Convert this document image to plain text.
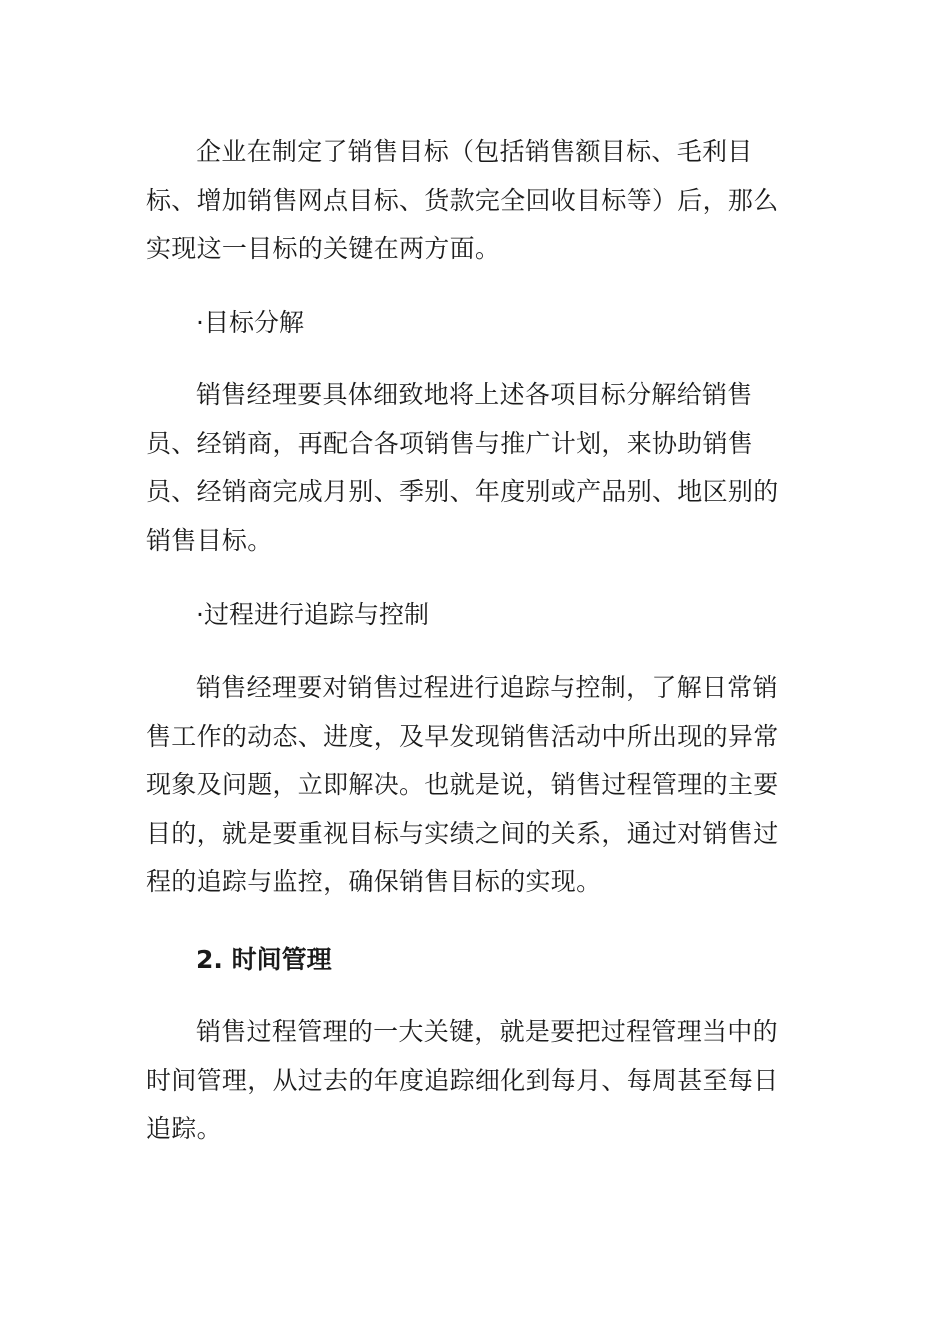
企业在制定了销售目标（包括销售额目标、毛利目标、增加销售网点目标、货款完全回收目标等）后，那么实现这一目标的关键在两方面。

·目标分解

销售经理要具体细致地将上述各项目标分解给销售员、经销商，再配合各项销售与推广计划，来协助销售员、经销商完成月别、季别、年度别或产品别、地区别的销售目标。

·过程进行追踪与控制

销售经理要对销售过程进行追踪与控制，了解日常销售工作的动态、进度，及早发现销售活动中所出现的异常现象及问题，立即解决。也就是说，销售过程管理的主要目的，就是要重视目标与实绩之间的关系，通过对销售过程的追踪与监控，确保销售目标的实现。

2. 时间管理

销售过程管理的一大关键，就是要把过程管理当中的时间管理，从过去的年度追踪细化到每月、每周甚至每日追踪。
